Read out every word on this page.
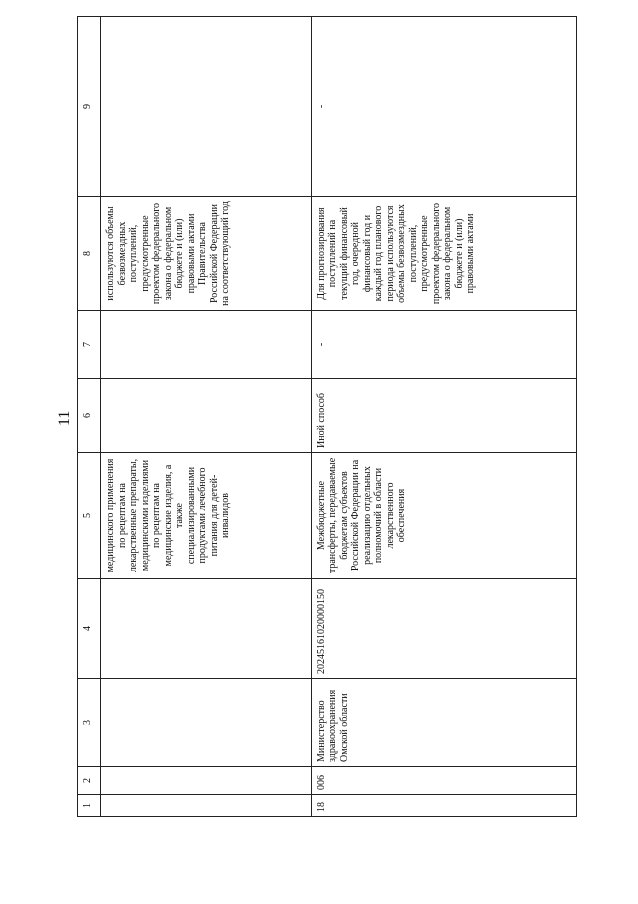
11
1	2	3	4	5	6	7	8	9
				медицинского применения по рецептам на лекарственные препараты, медицинскими изделиями по рецептам на медицинские изделия, а также специализированными продуктами лечебного питания для детей-инвалидов			используются объемы безвозмездных поступлений, предусмотренные проектом федерального закона о федеральном бюджете и (или) правовыми актами Правительства Российской Федерации на соответствующий год	
18	006	Министерство здравоохранения Омской области	20245161020000150	Межбюджетные трансферты, передаваемые бюджетам субъектов Российской Федерации на реализацию отдельных полномочий в области лекарственного обеспечения	Иной способ	-	Для прогнозирования поступлений на текущий финансовый год, очередной финансовый год и каждый год планового периода используются объемы безвозмездных поступлений, предусмотренные проектом федерального закона о федеральном бюджете и (или) правовыми актами	-
